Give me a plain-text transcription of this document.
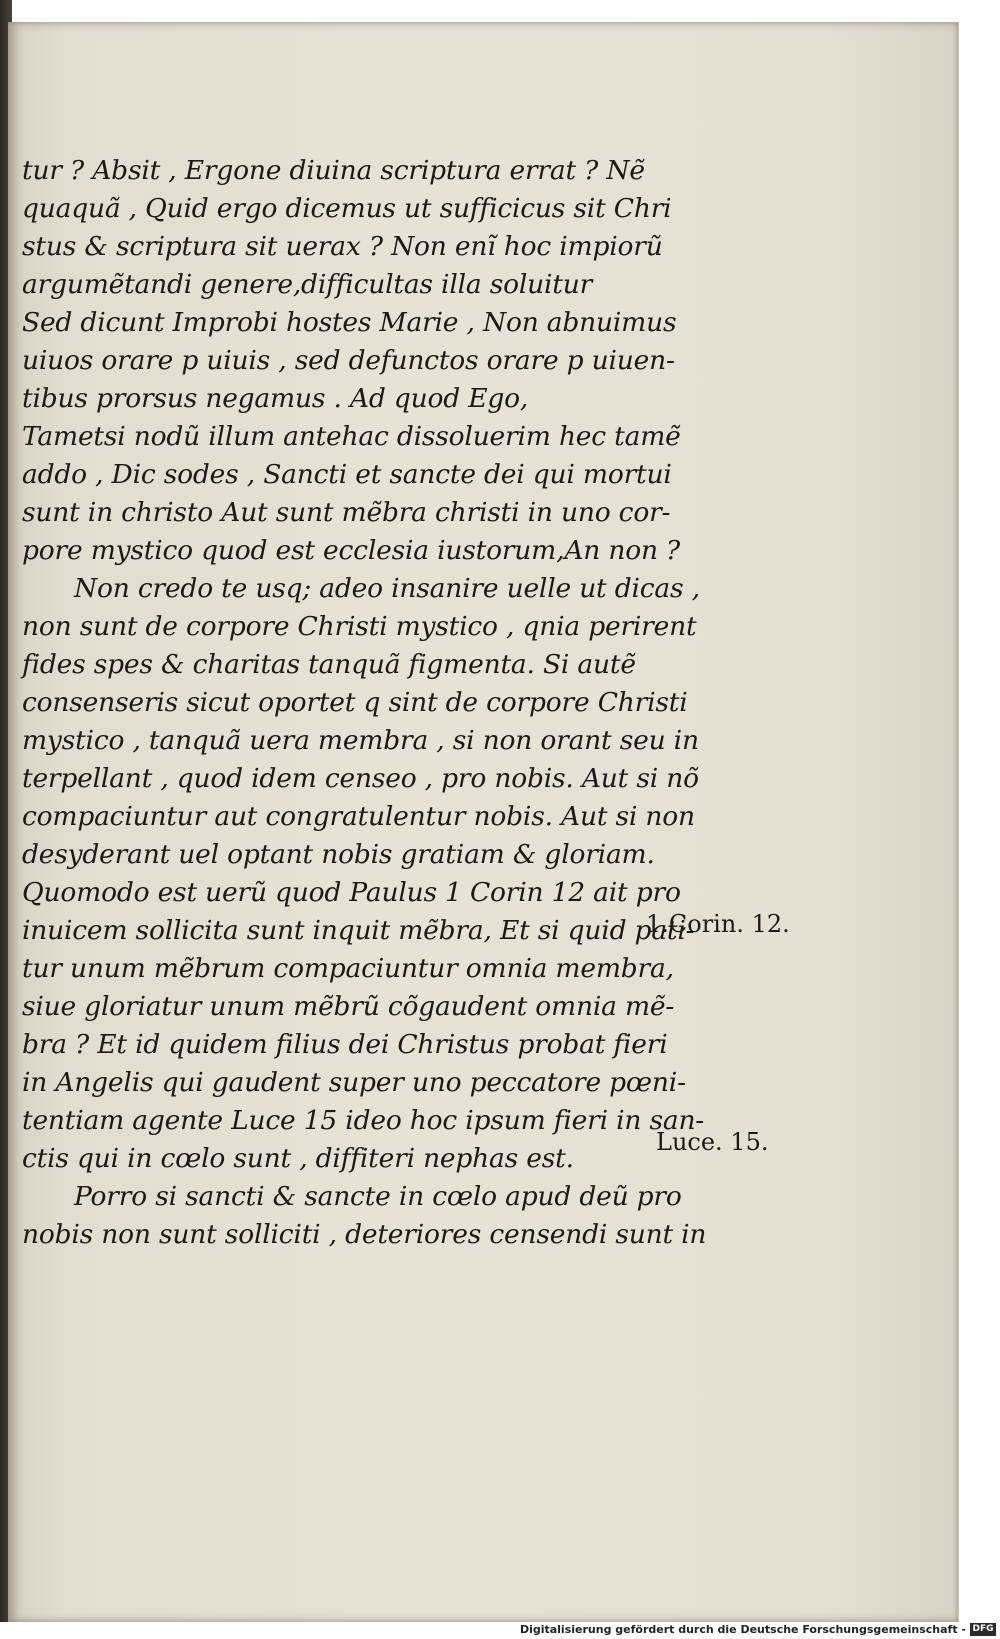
tur ? Absit , Ergone diuina scriptura errat ? Nẽ
quaquã , Quid ergo dicemus ut sufficicus sit Chri
stus & scriptura sit uerax ? Non enĩ hoc impiorũ
argumẽtandi genere,difficultas illa soluitur
Sed dicunt Improbi hostes Marie , Non abnuimus
uiuos orare p uiuis , sed defunctos orare p uiuen-
tibus prorsus negamus . Ad quod Ego,
Tametsi nodũ illum antehac dissoluerim hec tamẽ
addo , Dic sodes , Sancti et sancte dei qui mortui
sunt in christo Aut sunt mẽbra christi in uno cor-
pore mystico quod est ecclesia iustorum,An non ?
Non credo te usq; adeo insanire uelle ut dicas ,
non sunt de corpore Christi mystico , qnia perirent
fides spes & charitas tanquã figmenta. Si autẽ
consenseris sicut oportet q sint de corpore Christi
mystico , tanquã uera membra , si non orant seu in
terpellant , quod idem censeo , pro nobis. Aut si nõ
compaciuntur aut congratulentur nobis. Aut si non
desyderant uel optant nobis gratiam & gloriam.
Quomodo est uerũ quod Paulus 1 Corin 12 ait pro
inuicem sollicita sunt inquit mẽbra, Et si quid pati-
tur unum mẽbrum compaciuntur omnia membra,
siue gloriatur unum mẽbrũ cõgaudent omnia mẽ-
bra ? Et id quidem filius dei Christus probat fieri
in Angelis qui gaudent super uno peccatore pœni-
tentiam agente Luce 15 ideo hoc ipsum fieri in san-
ctis qui in cœlo sunt , diffiteri nephas est.
Porro si sancti & sancte in cœlo apud deũ pro
nobis non sunt solliciti , deteriores censendi sunt in
1.Corin. 12.
Luce. 15.
Digitalisierung gefördert durch die Deutsche Forschungsgemeinschaft - DFG
